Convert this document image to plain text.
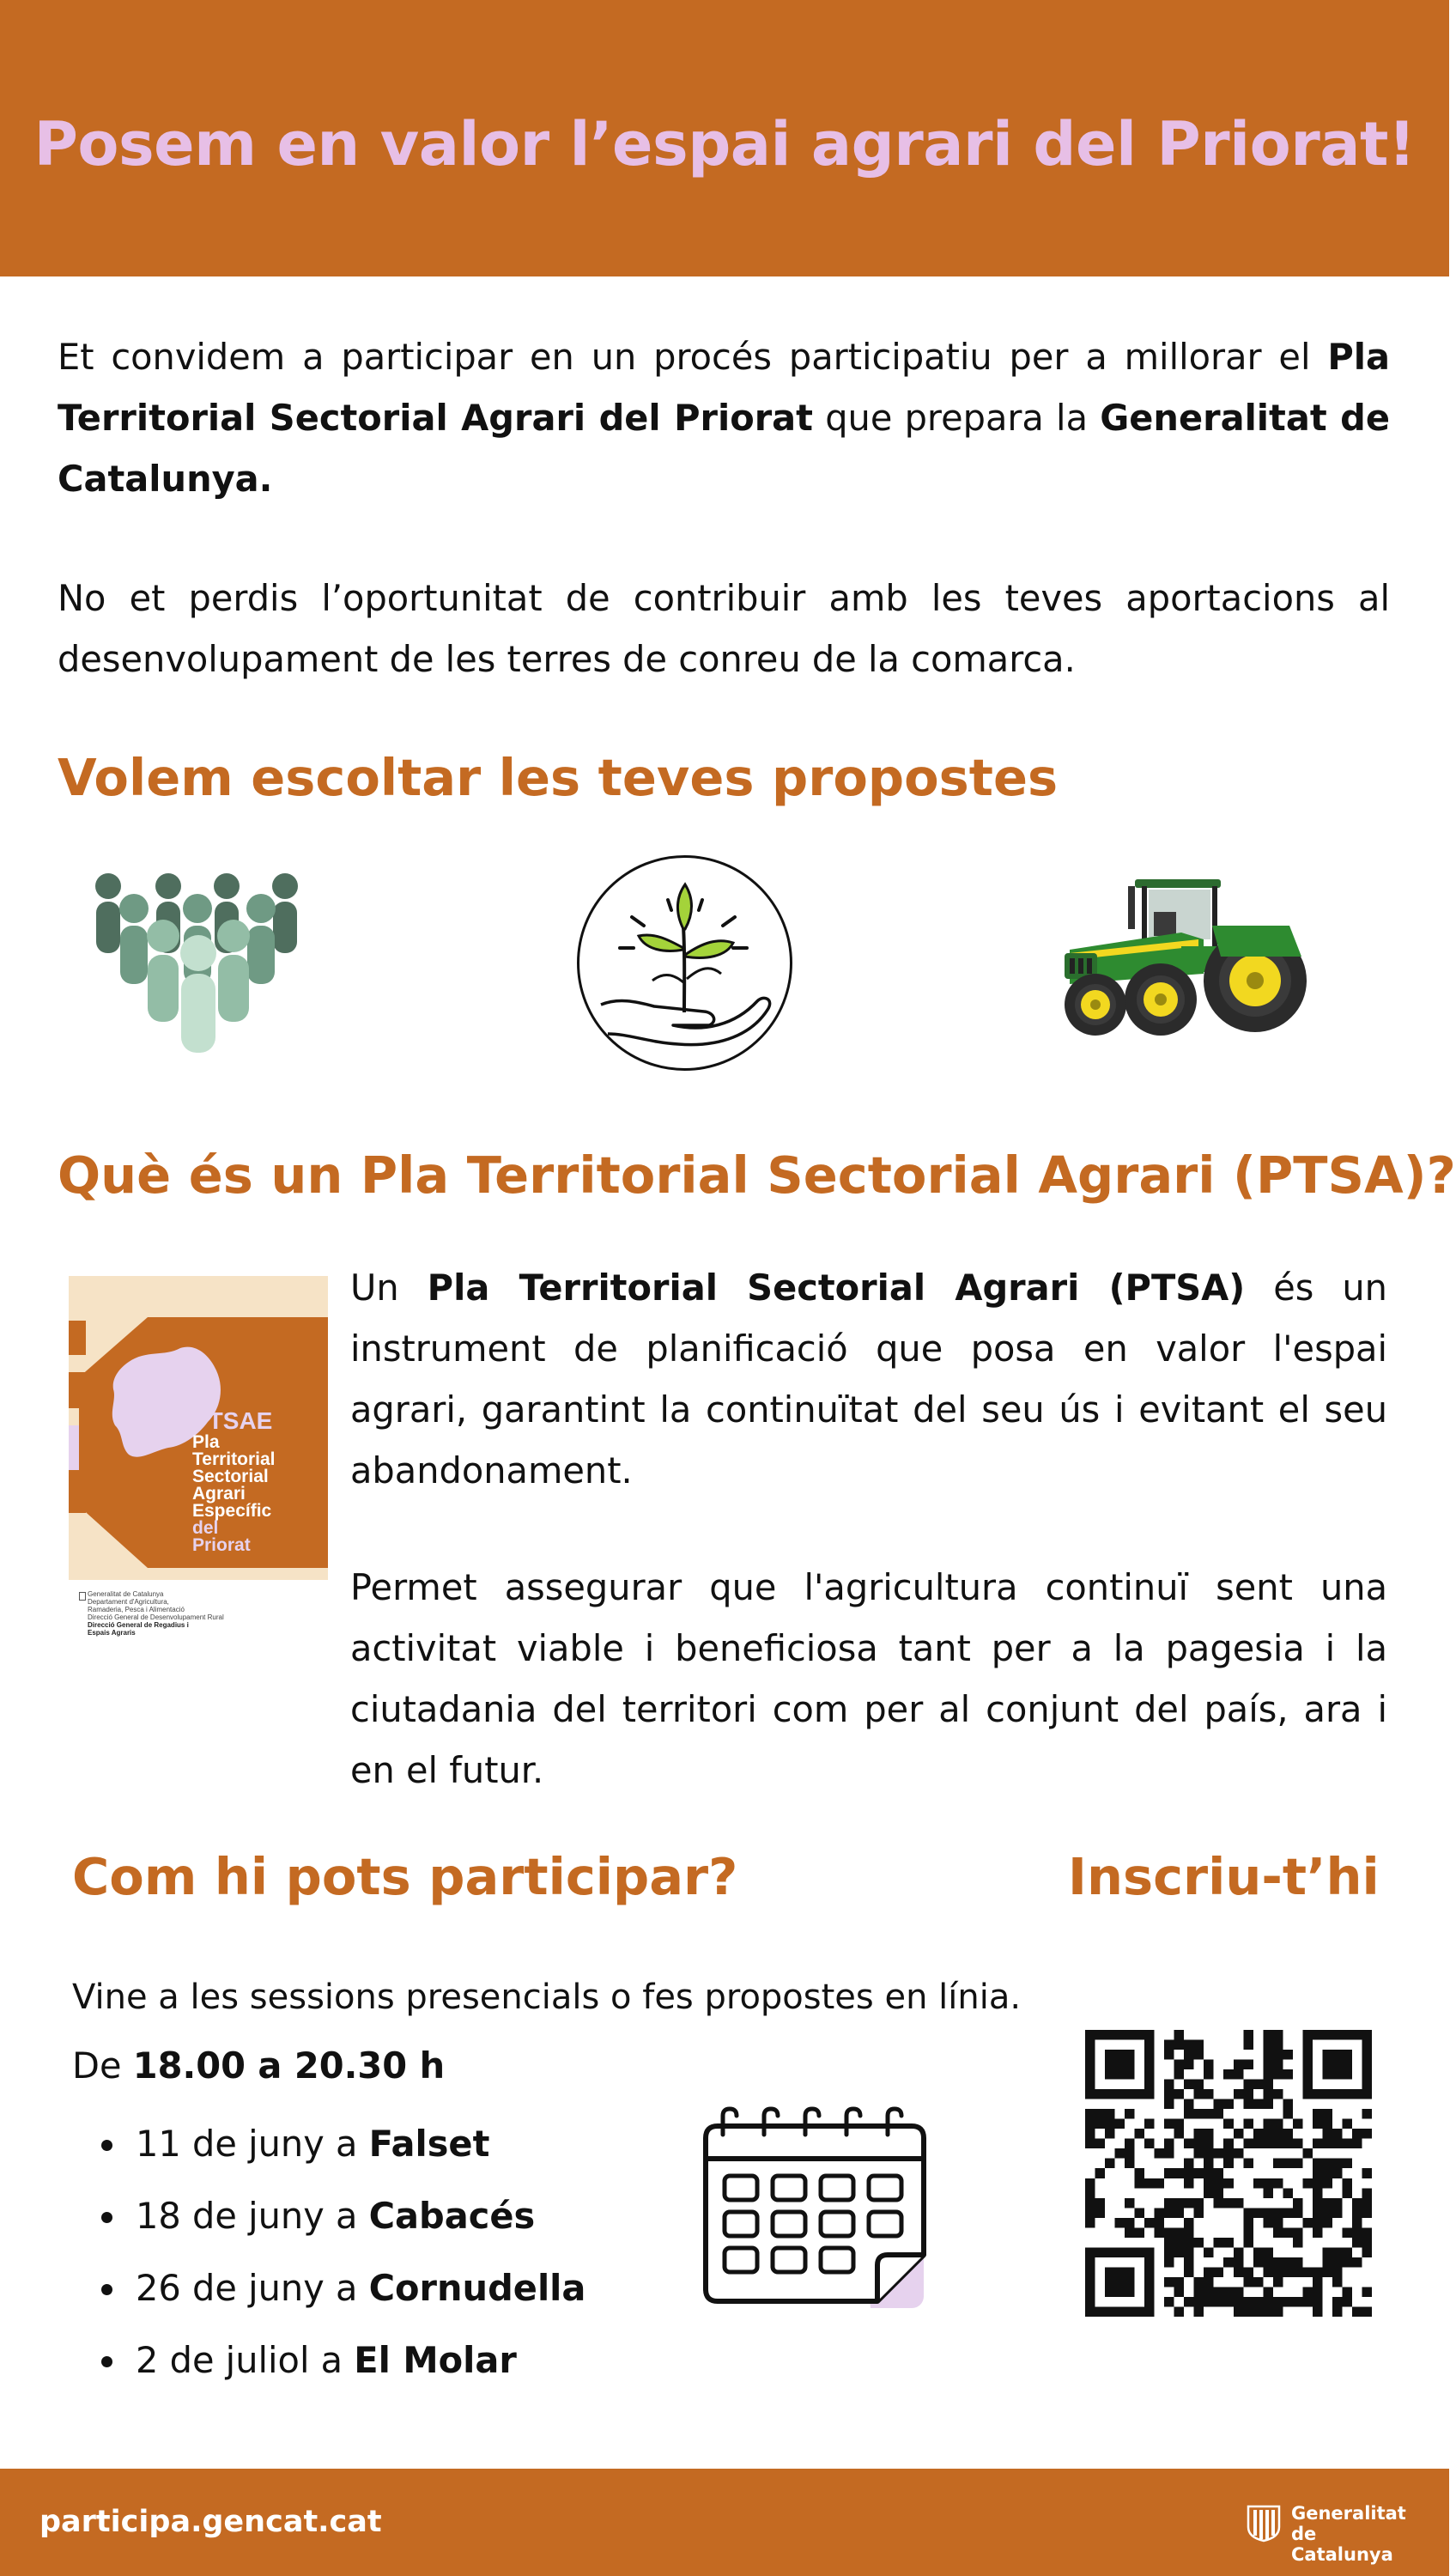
Posem en valor l’espai agrari del Priorat!

Et convidem a participar en un procés participatiu per a millorar el Pla Territorial Sectorial Agrari del Priorat que prepara la Generalitat de Catalunya.

No et perdis l’oportunitat de contribuir amb les teves aportacions al desenvolupament de les terres de conreu de la comarca.

Volem escoltar les teves propostes
Què és un Pla Territorial Sectorial Agrari (PTSA)?
PTSAE
Pla
Territorial
Sectorial
Agrari
Específic
del
Priorat
Generalitat de Catalunya
Departament d'Agricultura,
Ramaderia, Pesca i Alimentació
Direcció General de Desenvolupament Rural
Direcció General de Regadius i
Espais Agraris

Un Pla Territorial Sectorial Agrari (PTSA) és un instrument de planificació que posa en valor l'espai agrari, garantint la continuïtat del seu ús i evitant el seu abandonament.

Permet assegurar que l'agricultura continuï sent una activitat viable i beneficiosa tant per a la pagesia i la ciutadania del territori com per al conjunt del país, ara i en el futur.

Com hi pots participar?	Inscriu-t’hi
Vine a les sessions presencials o fes propostes en línia.
De 18.00 a 20.30 h
11 de juny a Falset
18 de juny a Cabacés
26 de juny a Cornudella
2 de juliol a El Molar
participa.gencat.cat	Generalitat
de Catalunya
